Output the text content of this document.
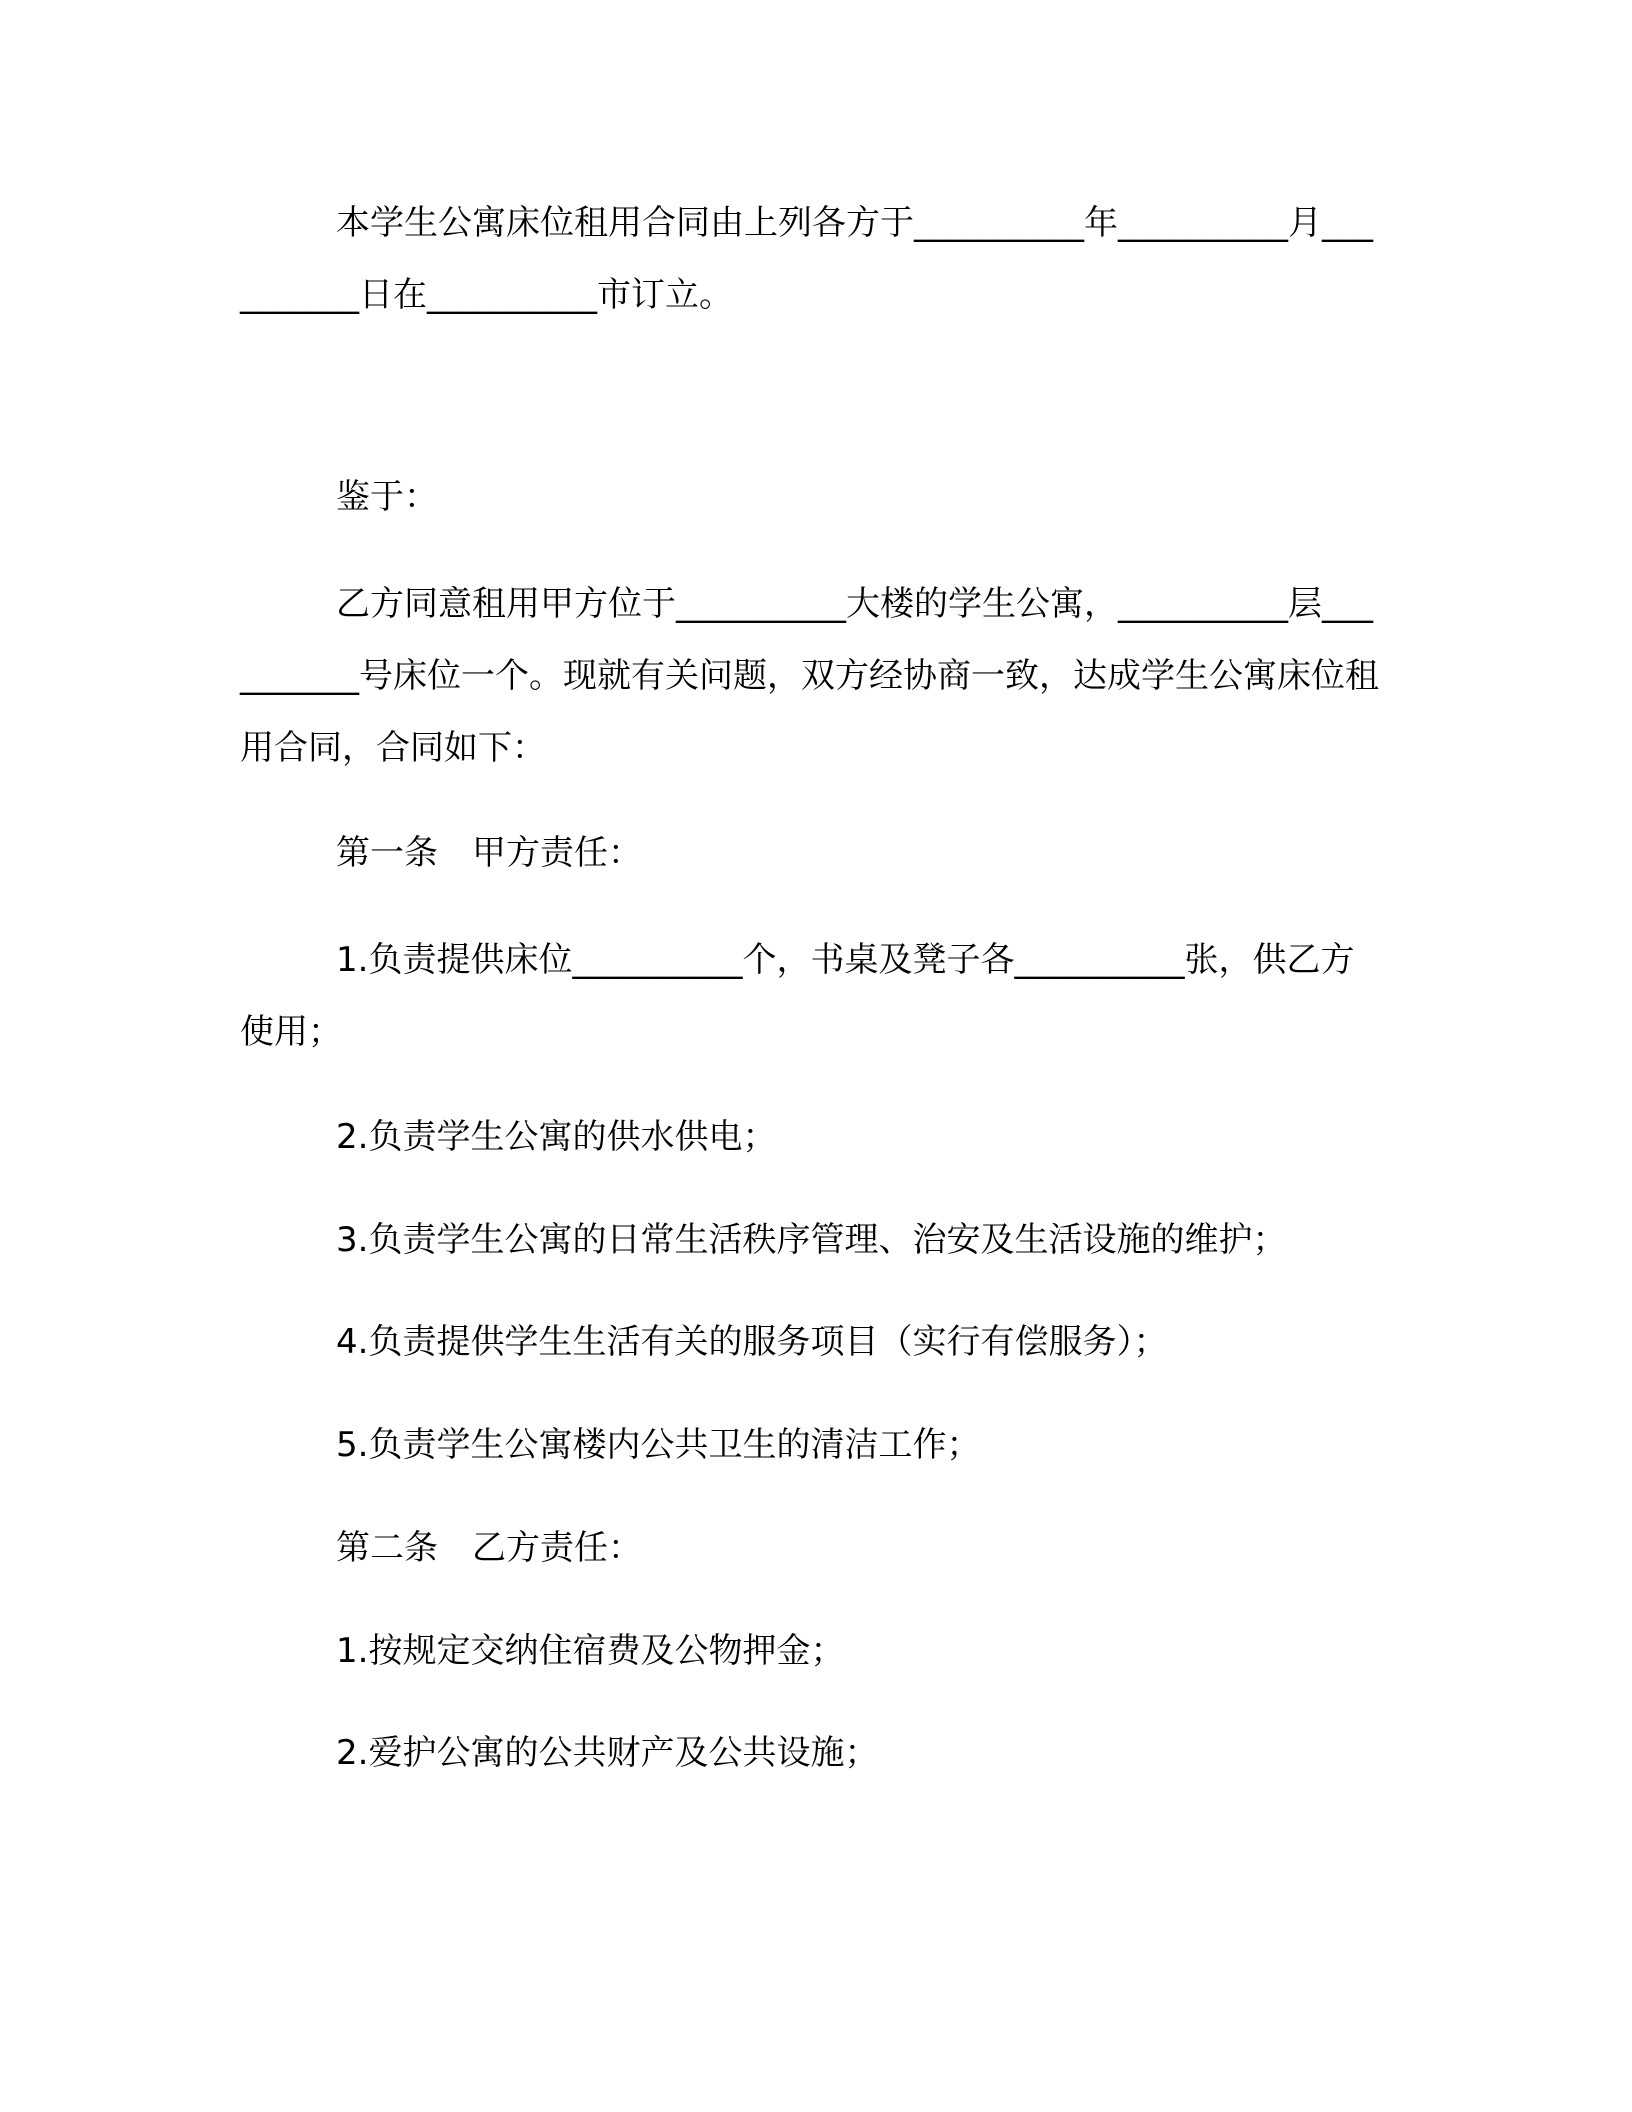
本学生公寓床位租用合同由上列各方于__________年__________月__________日在__________市订立。

鉴于：

乙方同意租用甲方位于__________大楼的学生公寓，__________层__________号床位一个。现就有关问题，双方经协商一致，达成学生公寓床位租用合同，合同如下：

第一条　甲方责任：

1.负责提供床位__________个，书桌及凳子各__________张，供乙方使用；

2.负责学生公寓的供水供电；

3.负责学生公寓的日常生活秩序管理、治安及生活设施的维护；

4.负责提供学生生活有关的服务项目（实行有偿服务）；

5.负责学生公寓楼内公共卫生的清洁工作；

第二条　乙方责任：

1.按规定交纳住宿费及公物押金；

2.爱护公寓的公共财产及公共设施；
